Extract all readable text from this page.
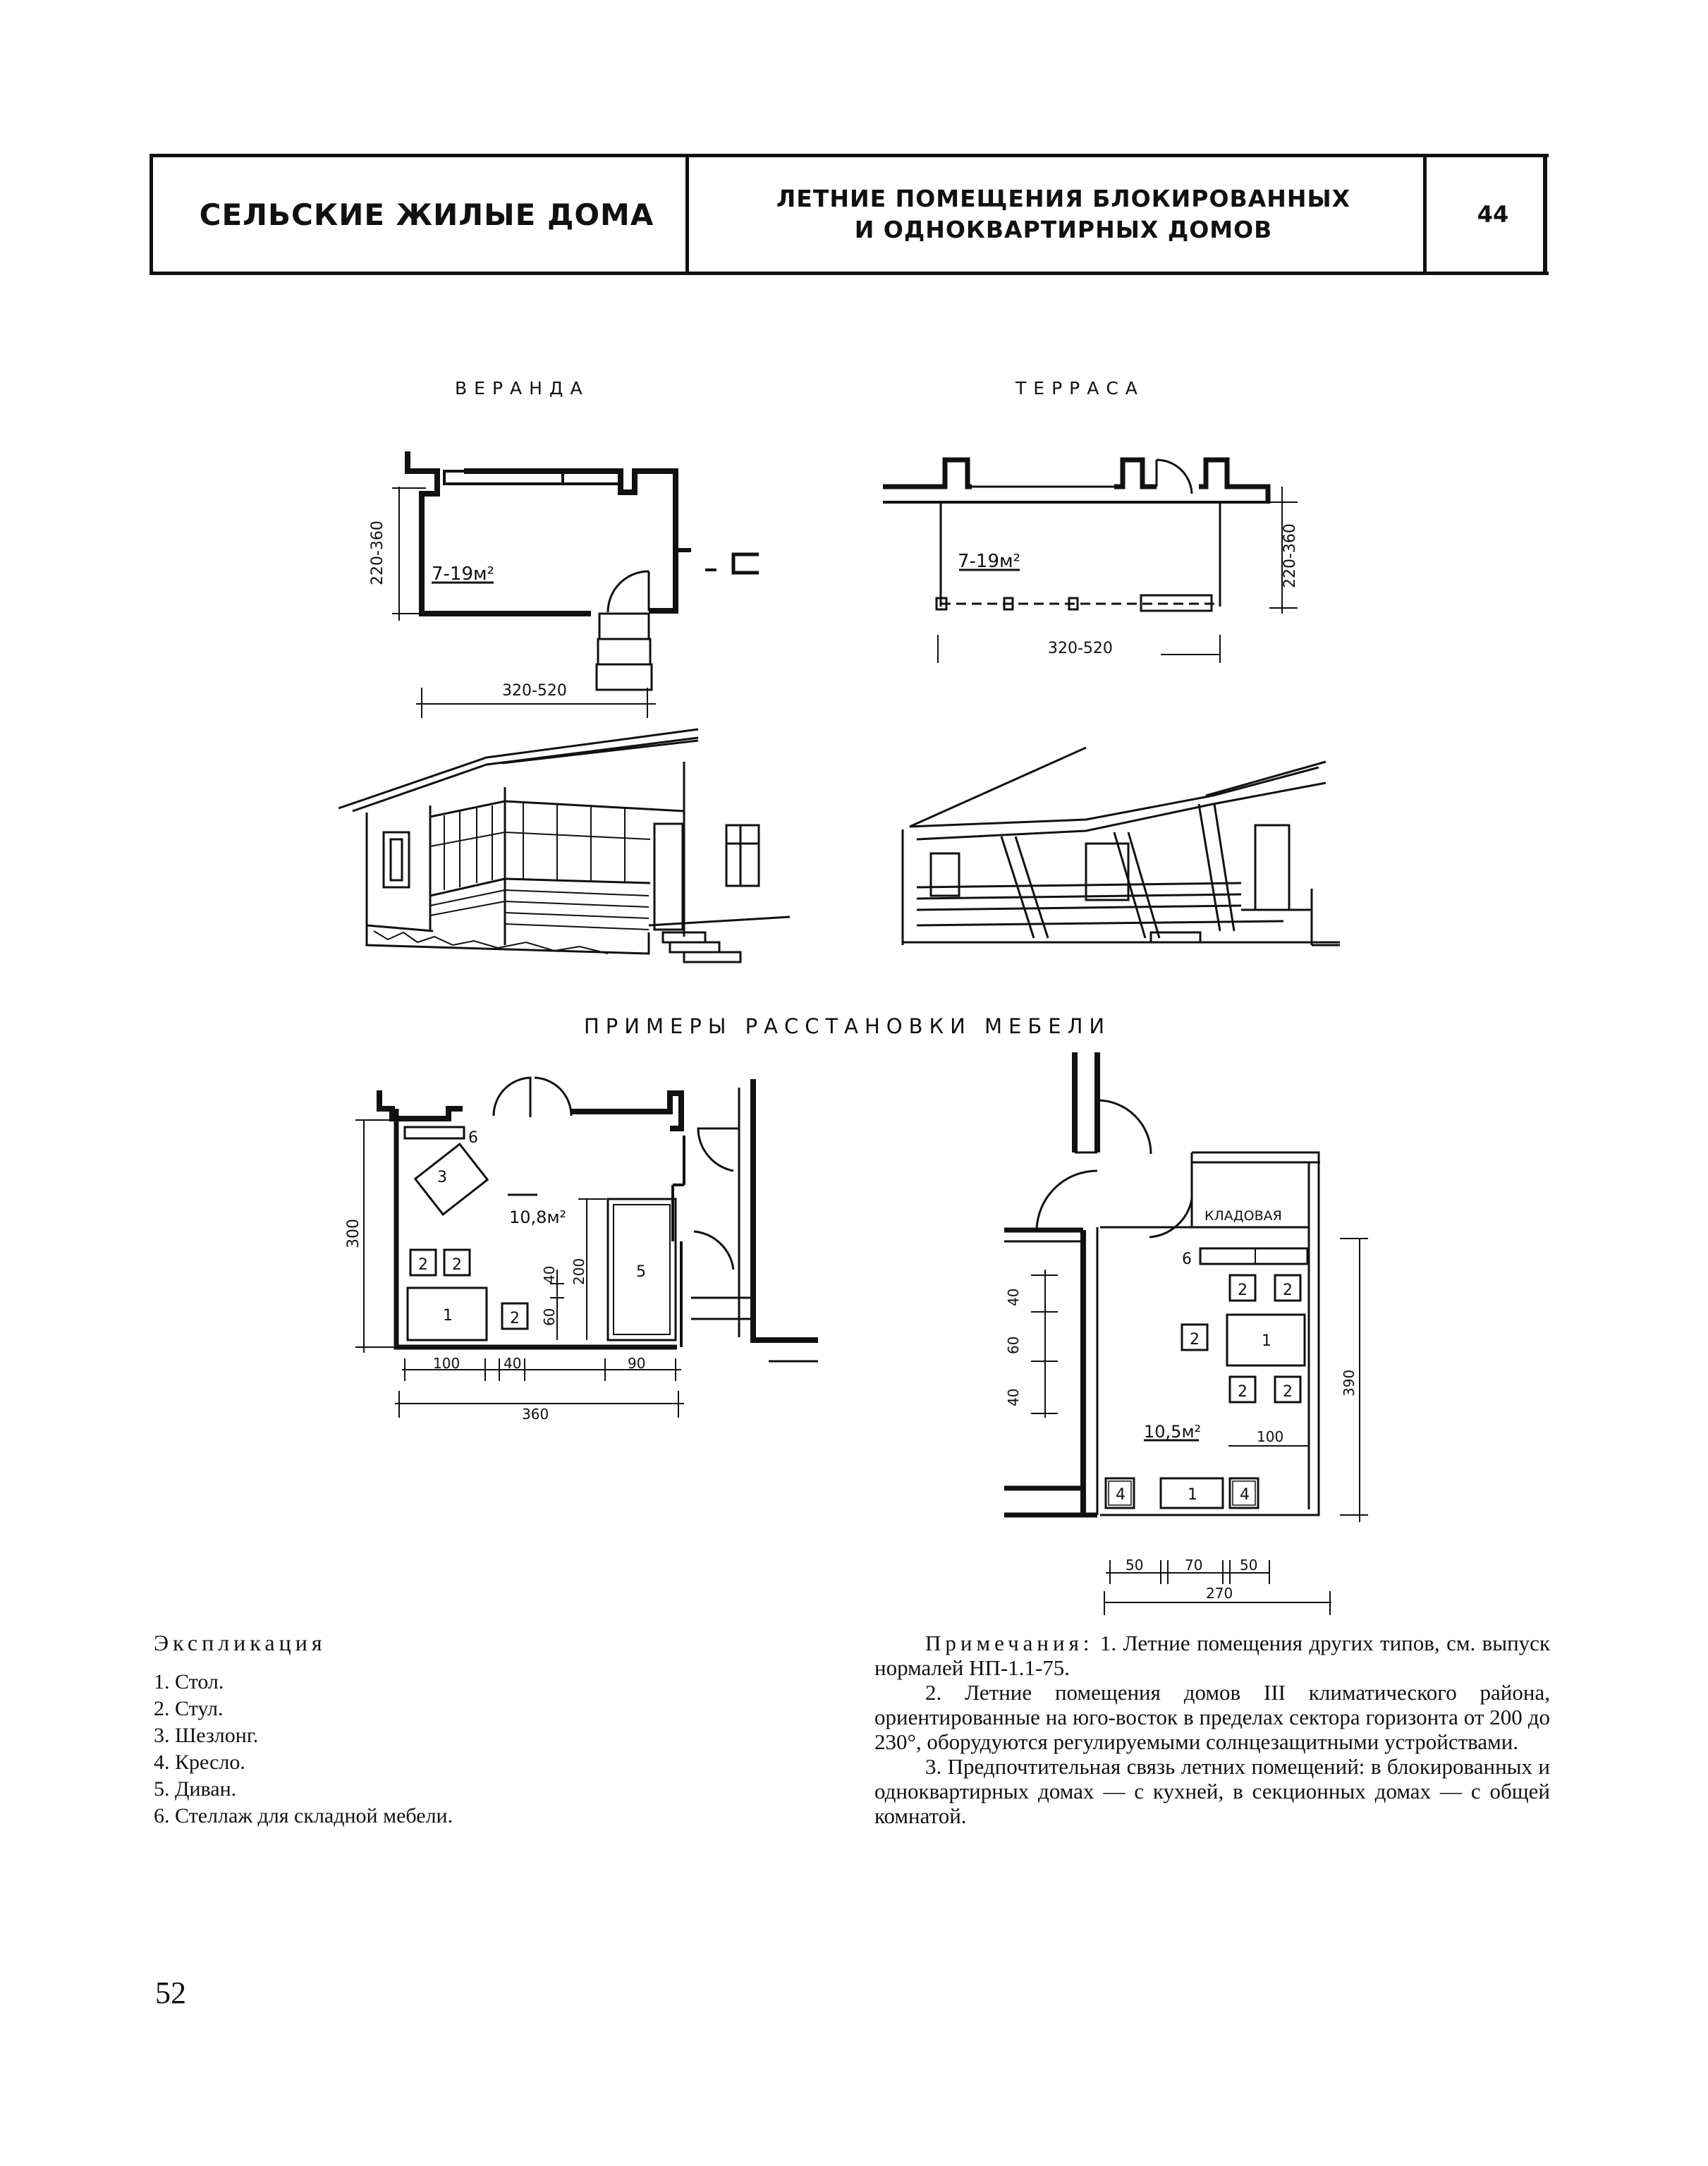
СЕЛЬСКИЕ ЖИЛЫЕ ДОМА	ЛЕТНИЕ ПОМЕЩЕНИЯ БЛОКИРОВАННЫХ
И ОДНОКВАРТИРНЫХ ДОМОВ
44
ВЕРАНДА	ТЕРРАСА
ПРИМЕРЫ РАССТАНОВКИ МЕБЕЛИ
220-360
320-520
7-19м²	220-360
320-520
7-19м²
6
3
2 2
1	2
5
10,8м²
300
40
60
200
100	40	90
360
КЛАДОВАЯ
6
2 2
2	1
2 2
4	1	4
10,5м²
40
60
40
390
100
50	70	50
270
Экспликация
1. Стол.
2. Стул.
3. Шезлонг.
4. Кресло.
5. Диван.
6. Стеллаж для складной мебели.

Примечания: 1. Летние помещения других типов, см. выпуск нормалей НП-1.1-75.

2. Летние помещения домов III климатического района, ориентированные на юго-восток в пределах сектора горизонта от 200 до 230°, оборудуются регулируемыми солнцезащитными устройствами.

3. Предпочтительная связь летних помещений: в блокированных и одноквартирных домах — с кухней, в секционных домах — с общей комнатой.

52
